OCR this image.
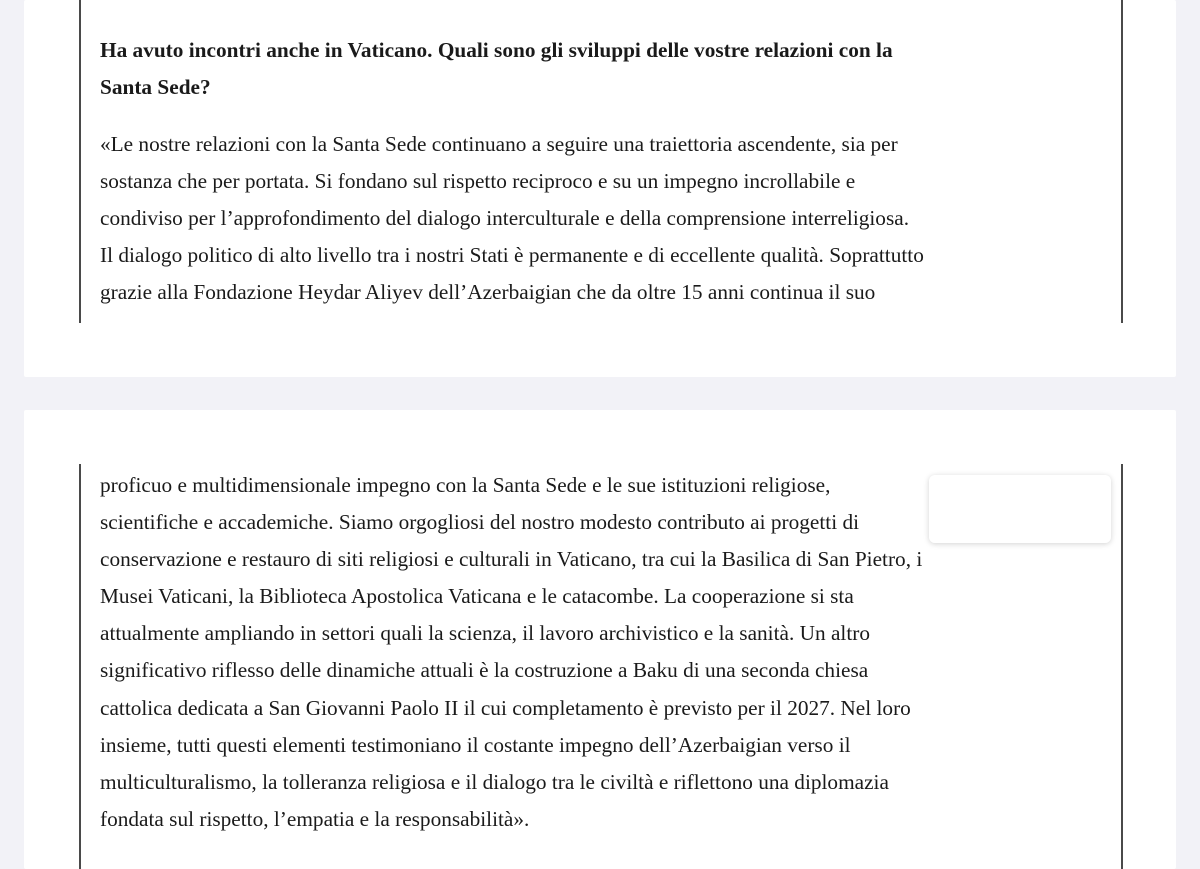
Ha avuto incontri anche in Vaticano. Quali sono gli sviluppi delle vostre relazioni con la
Santa Sede?

«Le nostre relazioni con la Santa Sede continuano a seguire una traiettoria ascendente, sia per
sostanza che per portata. Si fondano sul rispetto reciproco e su un impegno incrollabile e
condiviso per l’approfondimento del dialogo interculturale e della comprensione interreligiosa.
Il dialogo politico di alto livello tra i nostri Stati è permanente e di eccellente qualità. Soprattutto
grazie alla Fondazione Heydar Aliyev dell’Azerbaigian che da oltre 15 anni continua il suo

proficuo e multidimensionale impegno con la Santa Sede e le sue istituzioni religiose,
scientifiche e accademiche. Siamo orgogliosi del nostro modesto contributo ai progetti di
conservazione e restauro di siti religiosi e culturali in Vaticano, tra cui la Basilica di San Pietro, i
Musei Vaticani, la Biblioteca Apostolica Vaticana e le catacombe. La cooperazione si sta
attualmente ampliando in settori quali la scienza, il lavoro archivistico e la sanità. Un altro
significativo riflesso delle dinamiche attuali è la costruzione a Baku di una seconda chiesa
cattolica dedicata a San Giovanni Paolo II il cui completamento è previsto per il 2027. Nel loro
insieme, tutti questi elementi testimoniano il costante impegno dell’Azerbaigian verso il
multiculturalismo, la tolleranza religiosa e il dialogo tra le civiltà e riflettono una diplomazia
fondata sul rispetto, l’empatia e la responsabilità».
